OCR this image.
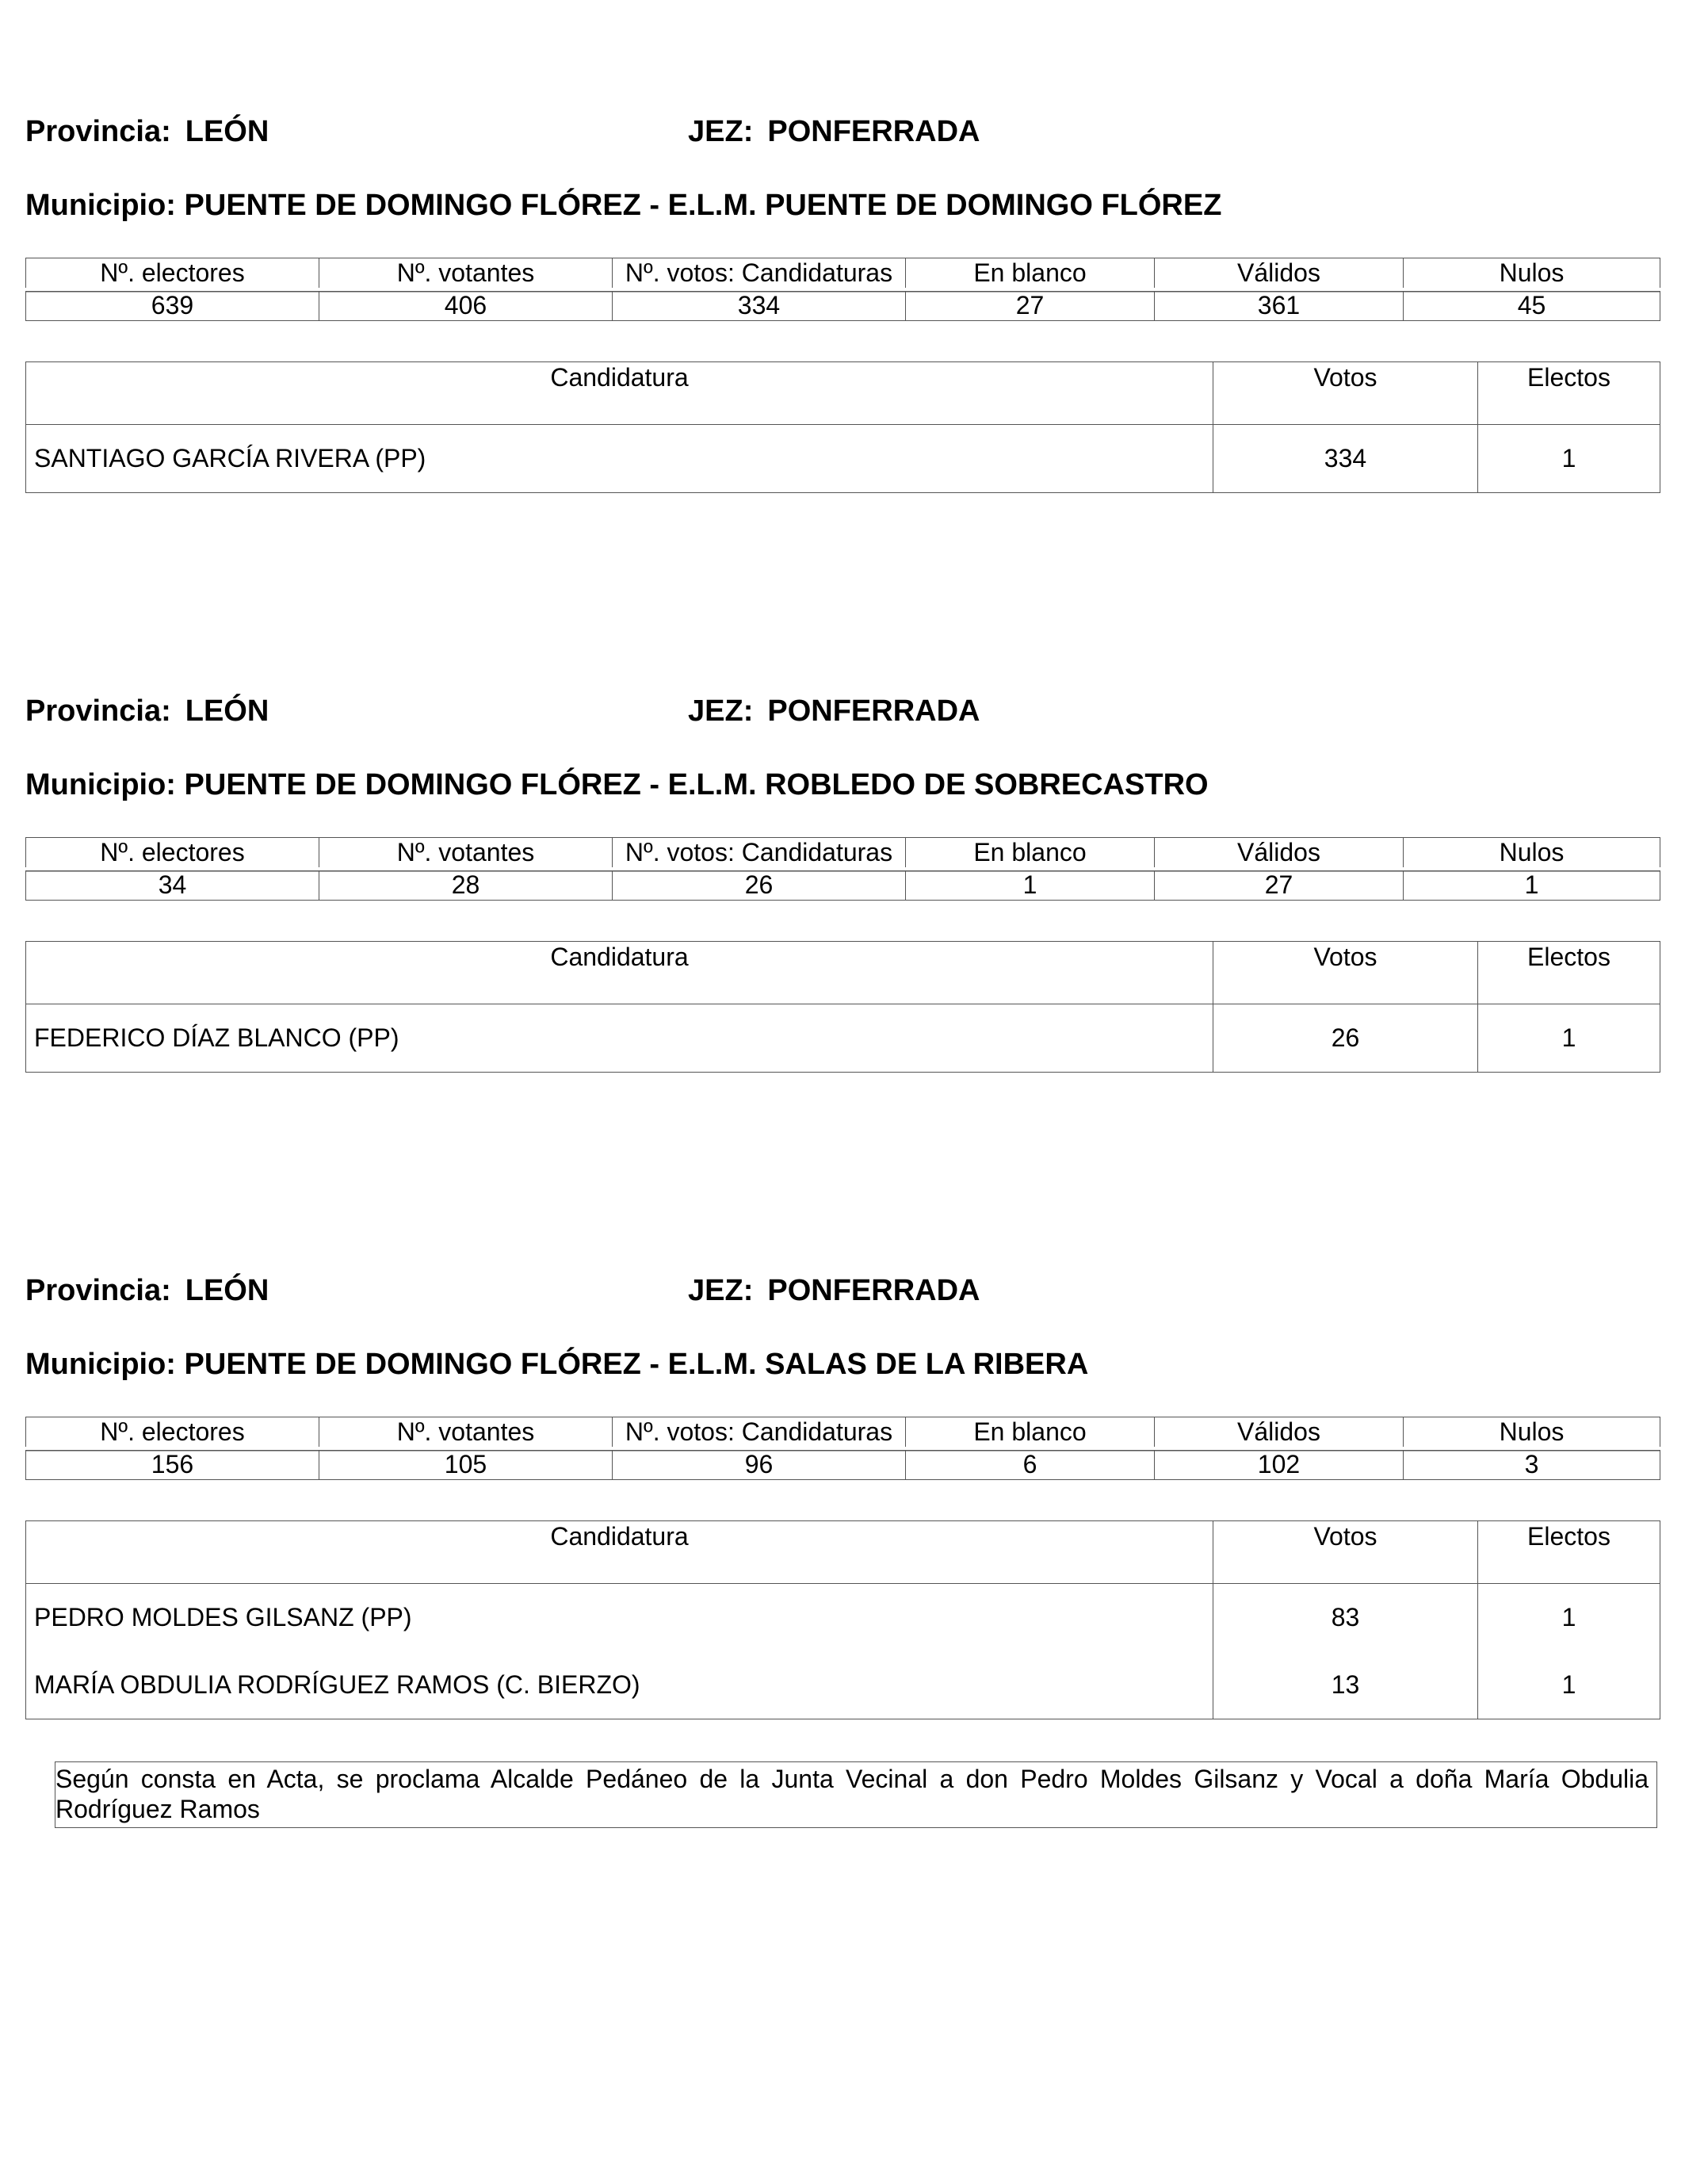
Provincia: LEÓN	JEZ: PONFERRADA
Municipio: PUENTE DE DOMINGO FLÓREZ - E.L.M. PUENTE DE DOMINGO FLÓREZ
Nº. electores	Nº. votantes	Nº. votos: Candidaturas	En blanco	Válidos	Nulos
639	406	334	27	361	45
Candidatura	Votos	Electos
SANTIAGO GARCÍA RIVERA (PP)	334	1
Provincia: LEÓN	JEZ: PONFERRADA
Municipio: PUENTE DE DOMINGO FLÓREZ - E.L.M. ROBLEDO DE SOBRECASTRO
Nº. electores	Nº. votantes	Nº. votos: Candidaturas	En blanco	Válidos	Nulos
34	28	26	1	27	1
Candidatura	Votos	Electos
FEDERICO DÍAZ BLANCO (PP)	26	1
Provincia: LEÓN	JEZ: PONFERRADA
Municipio: PUENTE DE DOMINGO FLÓREZ - E.L.M. SALAS DE LA RIBERA
Nº. electores	Nº. votantes	Nº. votos: Candidaturas	En blanco	Válidos	Nulos
156	105	96	6	102	3
Candidatura	Votos	Electos
PEDRO MOLDES GILSANZ (PP)	83	1
MARÍA OBDULIA RODRÍGUEZ RAMOS (C. BIERZO)	13	1
Según consta en Acta, se proclama Alcalde Pedáneo de la Junta Vecinal a don Pedro Moldes Gilsanz y Vocal a doña María Obdulia Rodríguez Ramos
